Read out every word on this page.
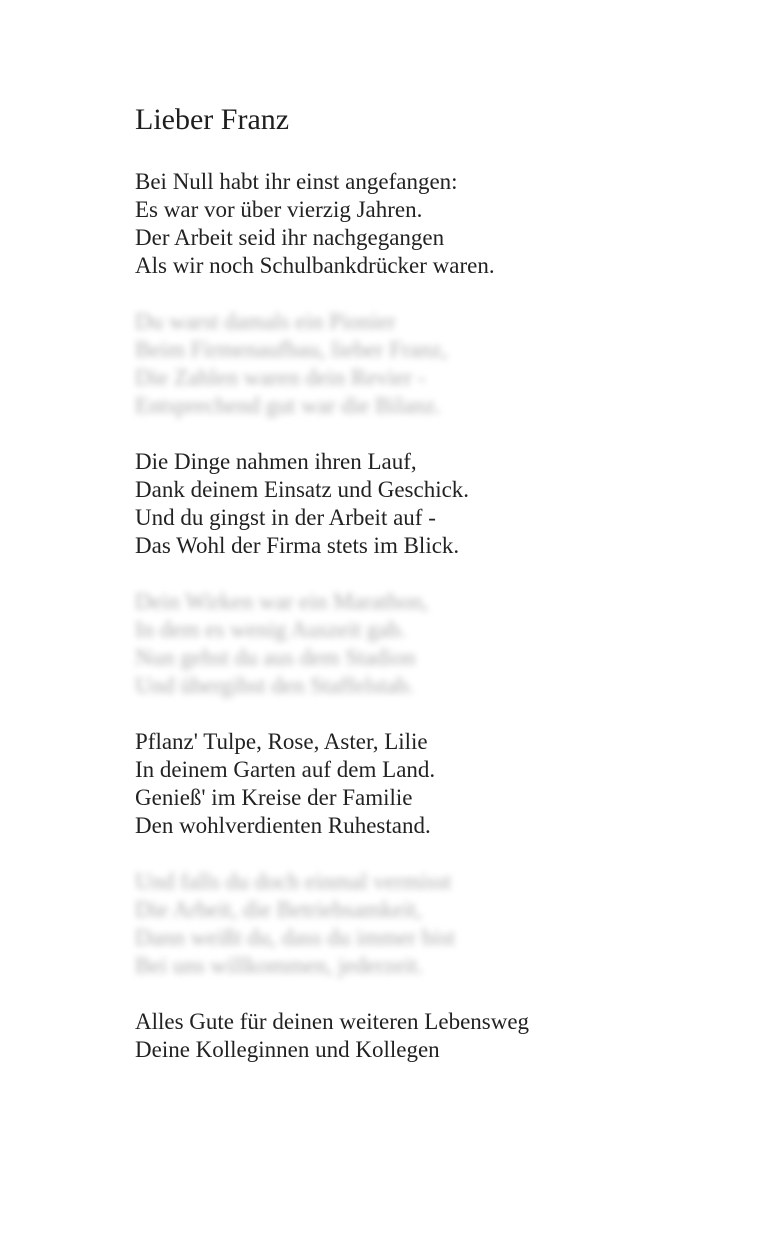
Lieber Franz
Bei Null habt ihr einst angefangen:
Es war vor über vierzig Jahren.
Der Arbeit seid ihr nachgegangen
Als wir noch Schulbankdrücker waren.
Du warst damals ein Pionier
Beim Firmenaufbau, lieber Franz,
Die Zahlen waren dein Revier -
Entsprechend gut war die Bilanz.
Die Dinge nahmen ihren Lauf,
Dank deinem Einsatz und Geschick.
Und du gingst in der Arbeit auf -
Das Wohl der Firma stets im Blick.
Dein Wirken war ein Marathon,
In dem es wenig Auszeit gab.
Nun gehst du aus dem Stadion
Und übergibst den Staffelstab.
Pflanz' Tulpe, Rose, Aster, Lilie
In deinem Garten auf dem Land.
Genieß' im Kreise der Familie
Den wohlverdienten Ruhestand.
Und falls du doch einmal vermisst
Die Arbeit, die Betriebsamkeit,
Dann weißt du, dass du immer bist
Bei uns willkommen, jederzeit.
Alles Gute für deinen weiteren Lebensweg
Deine Kolleginnen und Kollegen
